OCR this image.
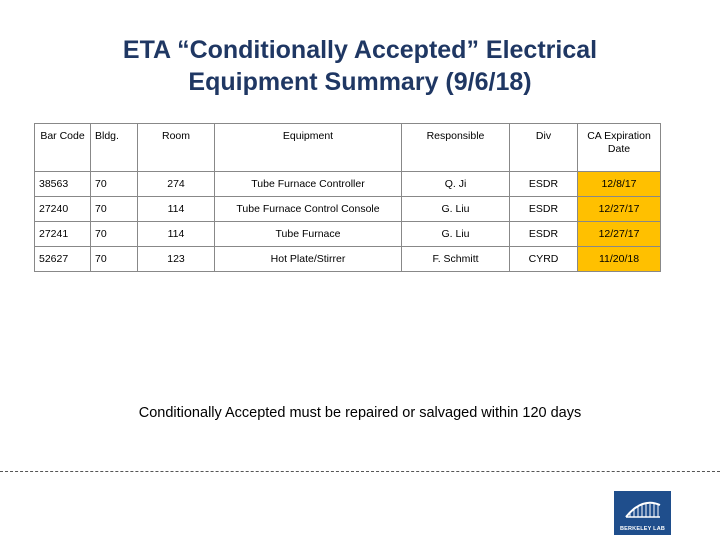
ETA “Conditionally Accepted” Electrical
Equipment Summary (9/6/18)
Bar Code	Bldg.	Room	Equipment	Responsible	Div	CA Expiration Date
38563	70	274	Tube Furnace Controller	Q. Ji	ESDR	12/8/17
27240	70	114	Tube Furnace Control Console	G. Liu	ESDR	12/27/17
27241	70	114	Tube Furnace	G. Liu	ESDR	12/27/17
52627	70	123	Hot Plate/Stirrer	F. Schmitt	CYRD	11/20/18
Conditionally Accepted must be repaired or salvaged within 120 days
BERKELEY LAB
